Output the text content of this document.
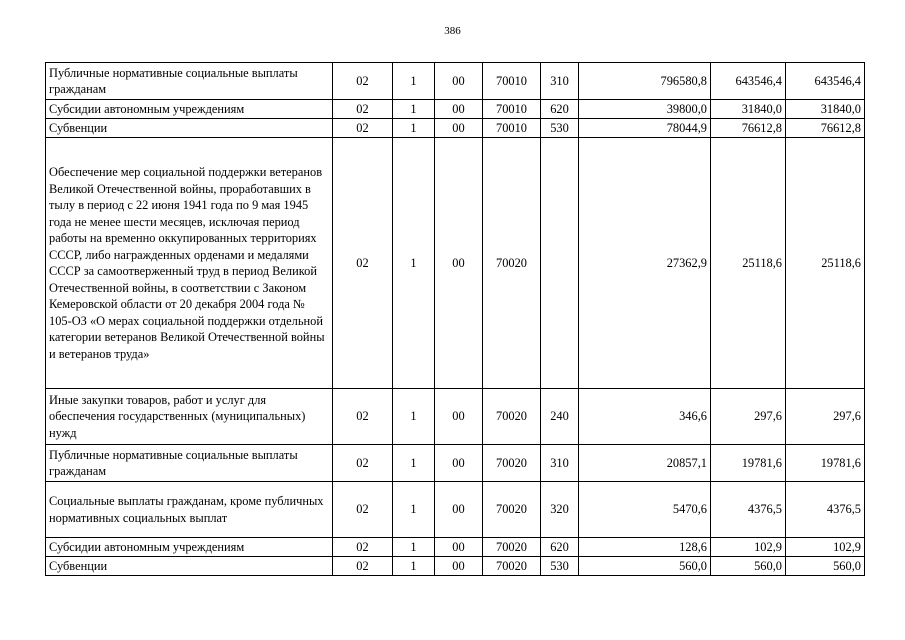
386
Публичные нормативные социальные выплаты гражданам	02	1	00	70010	310	796580,8	643546,4	643546,4
Субсидии автономным учреждениям	02	1	00	70010	620	39800,0	31840,0	31840,0
Субвенции	02	1	00	70010	530	78044,9	76612,8	76612,8
Обеспечение мер социальной поддержки ветеранов Великой Отечественной войны, проработавших в тылу в период с 22 июня 1941 года по 9 мая 1945 года не менее шести месяцев, исключая период работы на временно оккупированных территориях СССР, либо награжденных орденами и медалями СССР за самоотверженный труд в период Великой Отечественной войны, в соответствии с Законом Кемеровской области от 20 декабря 2004 года № 105-ОЗ «О мерах социальной поддержки отдельной категории ветеранов Великой Отечественной войны и ветеранов труда»	02	1	00	70020		27362,9	25118,6	25118,6
Иные закупки товаров, работ и услуг для обеспечения государственных (муниципальных) нужд	02	1	00	70020	240	346,6	297,6	297,6
Публичные нормативные социальные выплаты гражданам	02	1	00	70020	310	20857,1	19781,6	19781,6
Социальные выплаты гражданам, кроме публичных нормативных социальных выплат	02	1	00	70020	320	5470,6	4376,5	4376,5
Субсидии автономным учреждениям	02	1	00	70020	620	128,6	102,9	102,9
Субвенции	02	1	00	70020	530	560,0	560,0	560,0
